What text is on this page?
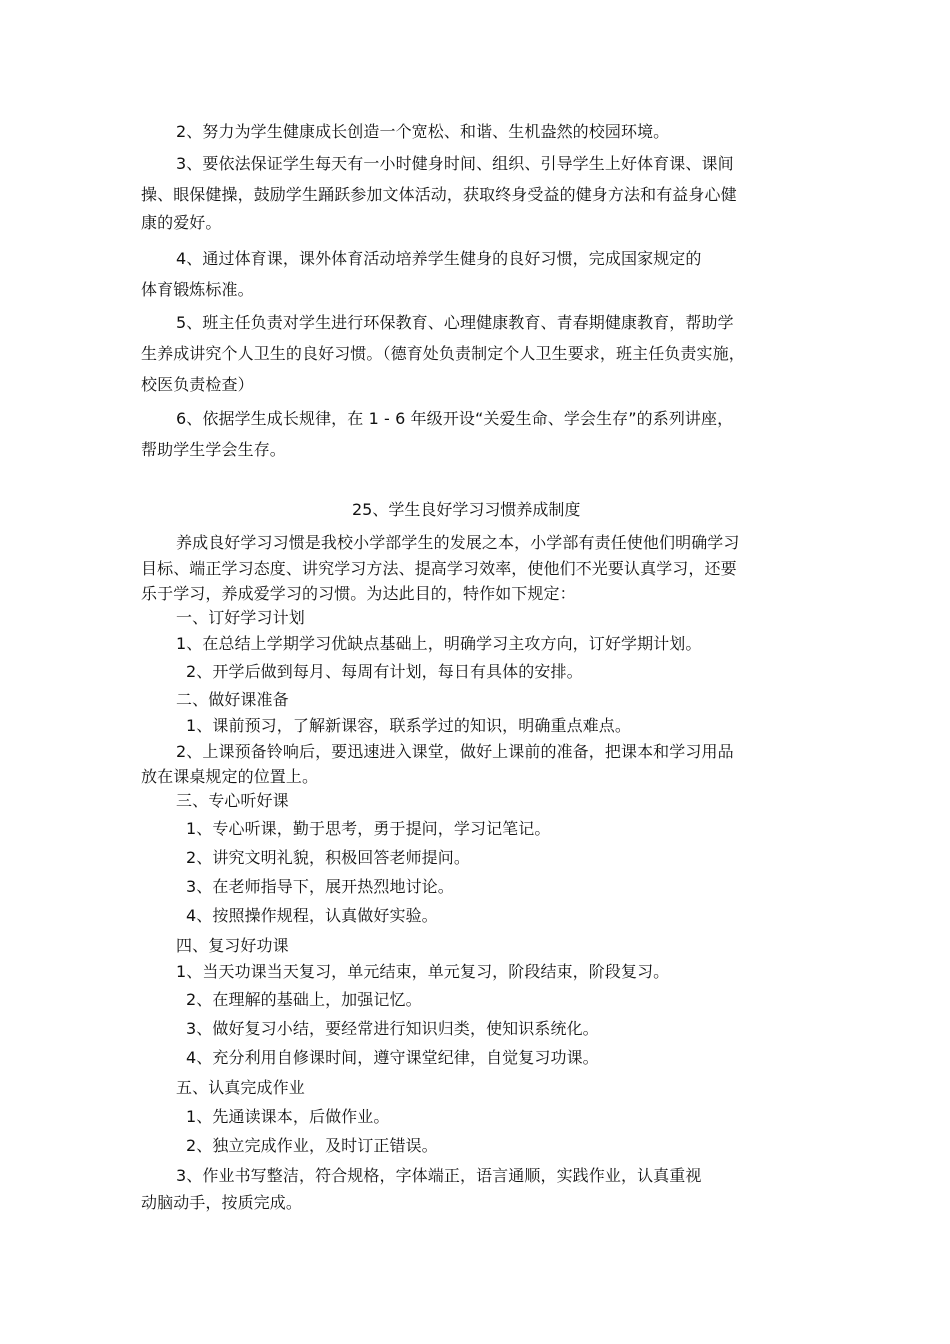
2、努力为学生健康成长创造一个宽松、和谐、生机盎然的校园环境。

3、要依法保证学生每天有一小时健身时间、组织、引导学生上好体育课、课间

操、眼保健操，鼓励学生踊跃参加文体活动，获取终身受益的健身方法和有益身心健

康的爱好。

4、通过体育课，课外体育活动培养学生健身的良好习惯，完成国家规定的

体育锻炼标准。

5、班主任负责对学生进行环保教育、心理健康教育、青春期健康教育，帮助学

生养成讲究个人卫生的良好习惯。（德育处负责制定个人卫生要求，班主任负责实施，

校医负责检查）

6、依据学生成长规律，在 1 - 6 年级开设“关爱生命、学会生存”的系列讲座，

帮助学生学会生存。

25、学生良好学习习惯养成制度

养成良好学习习惯是我校小学部学生的发展之本，小学部有责任使他们明确学习

目标、端正学习态度、讲究学习方法、提高学习效率，使他们不光要认真学习，还要

乐于学习，养成爱学习的习惯。为达此目的，特作如下规定：

一、订好学习计划

1、在总结上学期学习优缺点基础上，明确学习主攻方向，订好学期计划。

2、开学后做到每月、每周有计划，每日有具体的安排。

二、做好课准备

1、课前预习，了解新课容，联系学过的知识，明确重点难点。

2、上课预备铃响后，要迅速进入课堂，做好上课前的准备，把课本和学习用品

放在课桌规定的位置上。

三、专心听好课

1、专心听课，勤于思考，勇于提问，学习记笔记。

2、讲究文明礼貌，积极回答老师提问。

3、在老师指导下，展开热烈地讨论。

4、按照操作规程，认真做好实验。

四、复习好功课

1、当天功课当天复习，单元结束，单元复习，阶段结束，阶段复习。

2、在理解的基础上，加强记忆。

3、做好复习小结，要经常进行知识归类，使知识系统化。

4、充分利用自修课时间，遵守课堂纪律，自觉复习功课。

五、认真完成作业

1、先通读课本，后做作业。

2、独立完成作业，及时订正错误。

3、作业书写整洁，符合规格，字体端正，语言通顺，实践作业，认真重视

动脑动手，按质完成。
